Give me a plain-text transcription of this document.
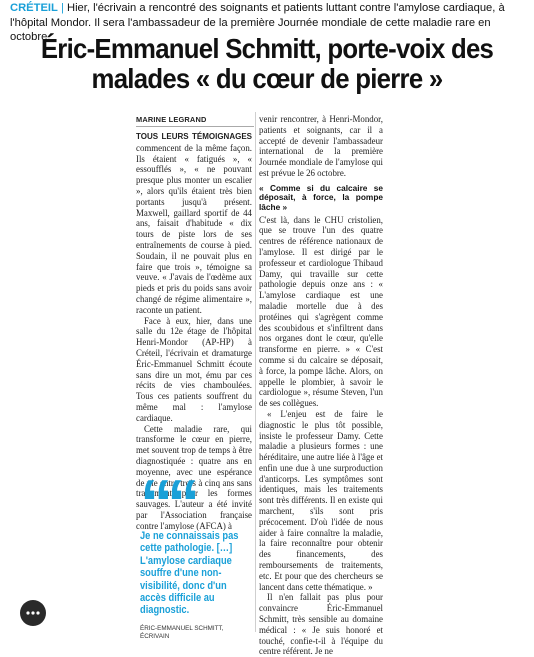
CRÉTEIL | Hier, l'écrivain a rencontré des soignants et patients luttant contre l'amylose cardiaque, à l'hôpital Mondor. Il sera l'ambassadeur de la première Journée mondiale de cette maladie rare en octobre.
Éric-Emmanuel Schmitt, porte-voix des malades « du cœur de pierre »
MARINE LEGRAND

TOUS LEURS TÉMOIGNAGES commencent de la même façon. Ils étaient « fatigués », « essoufflés », « ne pouvant presque plus monter un escalier », alors qu'ils étaient très bien portants jusqu'à présent. Maxwell, gaillard sportif de 44 ans, faisait d'habitude « dix tours de piste lors de ses entraînements de course à pied. Soudain, il ne pouvait plus en faire que trois », témoigne sa veuve. « J'avais de l'œdème aux pieds et pris du poids sans avoir changé de régime alimentaire », raconte un patient.

Face à eux, hier, dans une salle du 12e étage de l'hôpital Henri-Mondor (AP-HP) à Créteil, l'écrivain et dramaturge Éric-Emmanuel Schmitt écoute sans dire un mot, ému par ces récits de vies chamboulées. Tous ces patients souffrent du même mal : l'amylose cardiaque.

Cette maladie rare, qui transforme le cœur en pierre, met souvent trop de temps à être diagnostiquée : quatre ans en moyenne, avec une espérance de vie entre trois à cinq ans sans traitement pour les formes sauvages. L'auteur a été invité par l'Association française contre l'amylose (AFCA) à

venir rencontrer, à Henri-Mondor, patients et soignants, car il a accepté de devenir l'ambassadeur international de la première Journée mondiale de l'amylose qui est prévue le 26 octobre.

« Comme si du calcaire se déposait, à force, la pompe lâche »

C'est là, dans le CHU cristolien, que se trouve l'un des quatre centres de référence nationaux de l'amylose. Il est dirigé par le professeur et cardiologue Thibaud Damy, qui travaille sur cette pathologie depuis onze ans : « L'amylose cardiaque est une maladie mortelle due à des protéines qui s'agrègent comme des scoubidous et s'infiltrent dans nos organes dont le cœur, qu'elle transforme en pierre. » « C'est comme si du calcaire se déposait, à force, la pompe lâche. Alors, on appelle le plombier, à savoir le cardiologue », résume Steven, l'un de ses collègues.

« L'enjeu est de faire le diagnostic le plus tôt possible, insiste le professeur Damy. Cette maladie a plusieurs formes : une héréditaire, une autre liée à l'âge et enfin une due à une surproduction d'anticorps. Les symptômes sont identiques, mais les traitements sont très différents. Il en existe qui marchent, s'ils sont pris précocement. D'où l'idée de nous aider à faire connaître la maladie, la faire reconnaître pour obtenir des financements, des remboursements de traitements, etc. Et pour que des chercheurs se lancent dans cette thématique. »

Il n'en fallait pas plus pour convaincre Éric-Emmanuel Schmitt, très sensible au domaine médical : « Je suis honoré et touché, confie-t-il à l'équipe du centre référent. Je ne

““
Je ne connaissais pas cette pathologie. […] L'amylose cardiaque souffre d'une non-visibilité, donc d'un accès difficile au diagnostic.
ÉRIC-EMMANUEL SCHMITT,
ÉCRIVAIN
